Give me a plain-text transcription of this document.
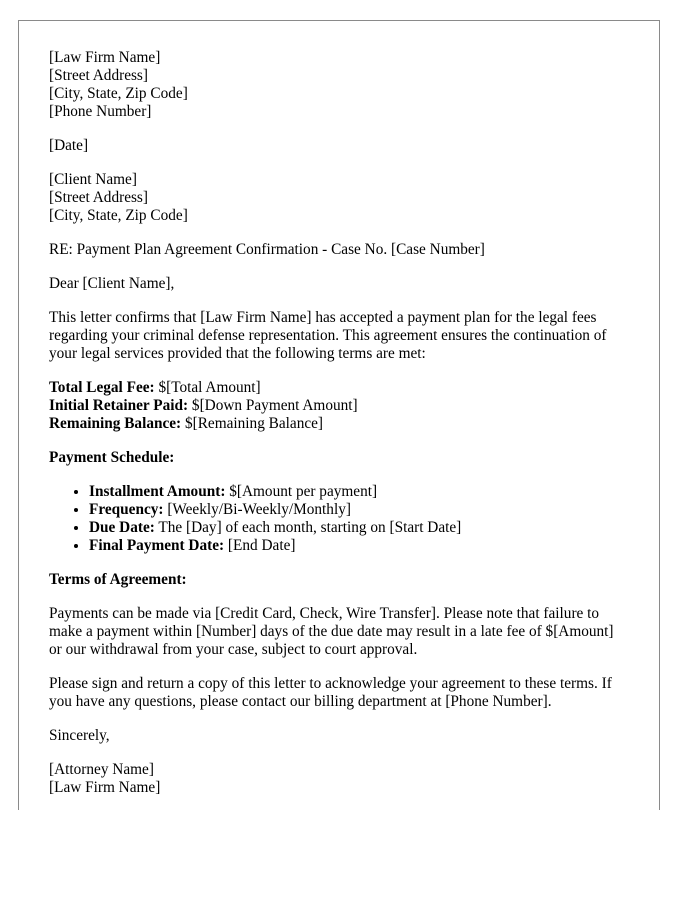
[Law Firm Name]
[Street Address]
[City, State, Zip Code]
[Phone Number]

[Date]

[Client Name]
[Street Address]
[City, State, Zip Code]

RE: Payment Plan Agreement Confirmation - Case No. [Case Number]

Dear [Client Name],

This letter confirms that [Law Firm Name] has accepted a payment plan for the legal fees regarding your criminal defense representation. This agreement ensures the continuation of your legal services provided that the following terms are met:

Total Legal Fee: $[Total Amount]
Initial Retainer Paid: $[Down Payment Amount]
Remaining Balance: $[Remaining Balance]

Payment Schedule:

• Installment Amount: $[Amount per payment]
• Frequency: [Weekly/Bi-Weekly/Monthly]
• Due Date: The [Day] of each month, starting on [Start Date]
• Final Payment Date: [End Date]

Terms of Agreement:

Payments can be made via [Credit Card, Check, Wire Transfer]. Please note that failure to make a payment within [Number] days of the due date may result in a late fee of $[Amount] or our withdrawal from your case, subject to court approval.

Please sign and return a copy of this letter to acknowledge your agreement to these terms. If you have any questions, please contact our billing department at [Phone Number].

Sincerely,

[Attorney Name]
[Law Firm Name]
